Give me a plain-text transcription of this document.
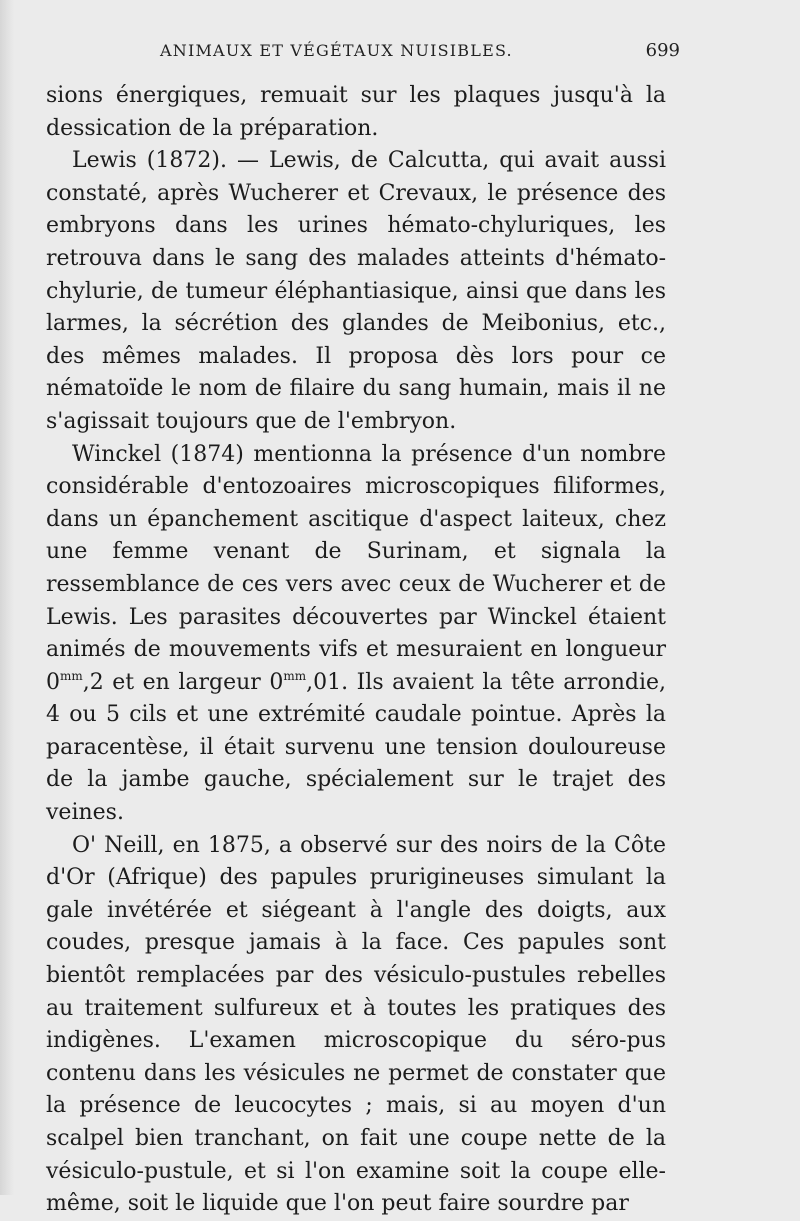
ANIMAUX ET VÉGÉTAUX NUISIBLES.	699

sions énergiques, remuait sur les plaques jusqu'à la dessication de la préparation.

Lewis (1872). — Lewis, de Calcutta, qui avait aussi constaté, après Wucherer et Crevaux, le présence des embryons dans les urines hémato-chyluriques, les retrouva dans le sang des malades atteints d'hémato-chylurie, de tumeur éléphantiasique, ainsi que dans les larmes, la sécrétion des glandes de Meibonius, etc., des mêmes malades. Il proposa dès lors pour ce nématoïde le nom de filaire du sang humain, mais il ne s'agissait toujours que de l'embryon.

Winckel (1874) mentionna la présence d'un nombre considérable d'entozoaires microscopiques filiformes, dans un épanchement ascitique d'aspect laiteux, chez une femme venant de Surinam, et signala la ressemblance de ces vers avec ceux de Wucherer et de Lewis. Les parasites découvertes par Winckel étaient animés de mouvements vifs et mesuraient en longueur $0^{mm},2$ et en largeur $0^{mm},01$. Ils avaient la tête arrondie, 4 ou 5 cils et une extrémité caudale pointue. Après la paracentèse, il était survenu une tension douloureuse de la jambe gauche, spécialement sur le trajet des veines.

O' Neill, en 1875, a observé sur des noirs de la Côte d'Or (Afrique) des papules prurigineuses simulant la gale invétérée et siégeant à l'angle des doigts, aux coudes, presque jamais à la face. Ces papules sont bientôt remplacées par des vésiculo-pustules rebelles au traitement sulfureux et à toutes les pratiques des indigènes. L'examen microscopique du séro-pus contenu dans les vésicules ne permet de constater que la présence de leucocytes ; mais, si au moyen d'un scalpel bien tranchant, on fait une coupe nette de la vésiculo-pustule, et si l'on examine soit la coupe elle-même, soit le liquide que l'on peut faire sourdre par
